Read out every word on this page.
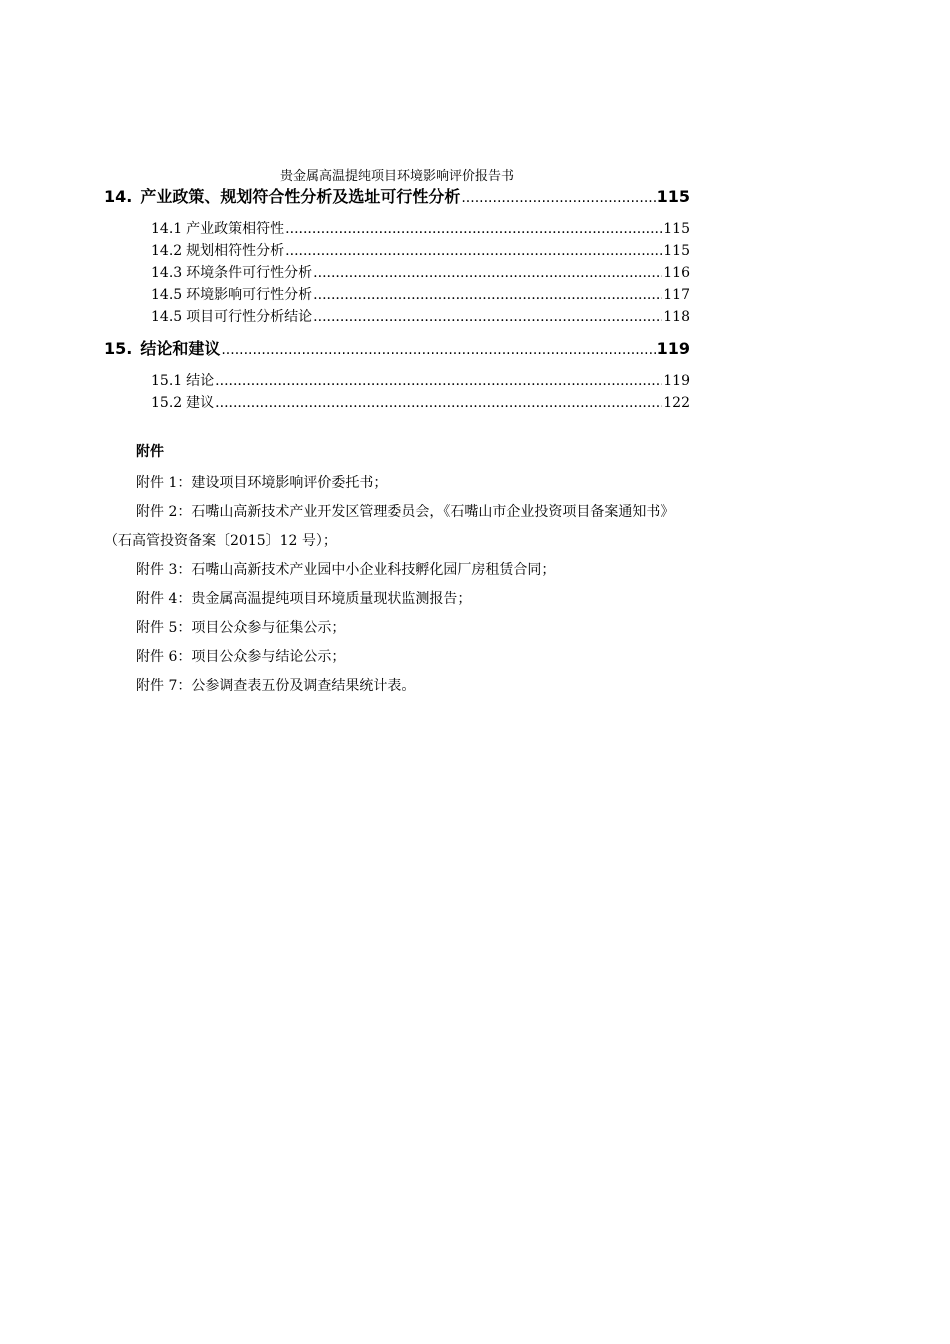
贵金属高温提纯项目环境影响评价报告书
14. 产业政策、规划符合性分析及选址可行性分析 .....	115
14.1 产业政策相符性 .....	115
14.2 规划相符性分析 .....	115
14.3 环境条件可行性分析 .....	116
14.5 环境影响可行性分析 .....	117
14.5 项目可行性分析结论 .....	118
15. 结论和建议 .....	119
15.1 结论 .....	119
15.2 建议 .....	122
附件
附件 1：建设项目环境影响评价委托书；
附件 2：石嘴山高新技术产业开发区管理委员会，《石嘴山市企业投资项目备案通知书》（石高管投资备案〔2015〕12 号）；
附件 3：石嘴山高新技术产业园中小企业科技孵化园厂房租赁合同；
附件 4：贵金属高温提纯项目环境质量现状监测报告；
附件 5：项目公众参与征集公示；
附件 6：项目公众参与结论公示；
附件 7：公参调查表五份及调查结果统计表。
